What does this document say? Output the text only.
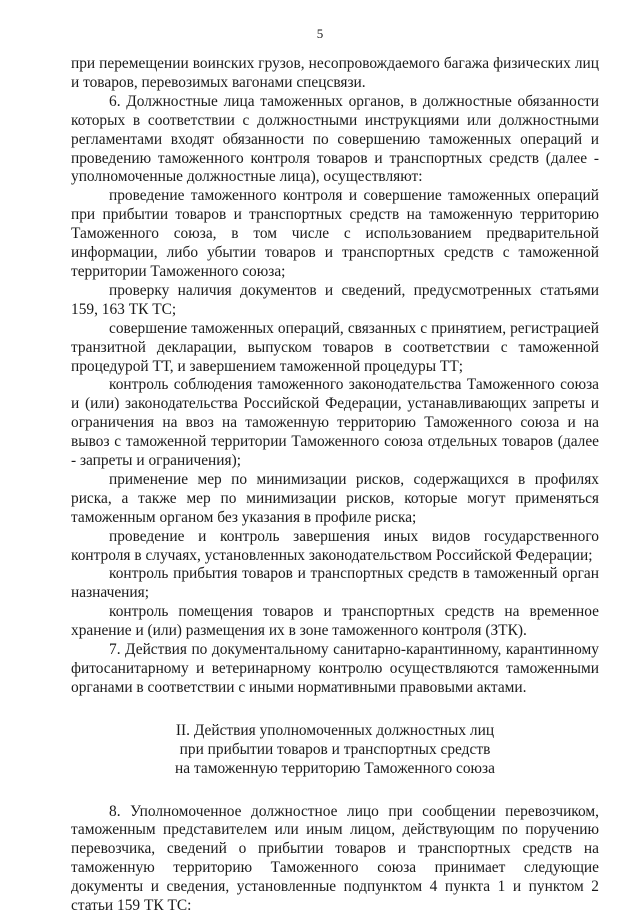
5

при перемещении воинских грузов, несопровождаемого багажа физических лиц и товаров, перевозимых вагонами спецсвязи.

6. Должностные лица таможенных органов, в должностные обязанности которых в соответствии с должностными инструкциями или должностными регламентами входят обязанности по совершению таможенных операций и проведению таможенного контроля товаров и транспортных средств (далее - уполномоченные должностные лица), осуществляют:

проведение таможенного контроля и совершение таможенных операций при прибытии товаров и транспортных средств на таможенную территорию Таможенного союза, в том числе с использованием предварительной информации, либо убытии товаров и транспортных средств с таможенной территории Таможенного союза;

проверку наличия документов и сведений, предусмотренных статьями 159, 163 ТК ТС;

совершение таможенных операций, связанных с принятием, регистрацией транзитной декларации, выпуском товаров в соответствии с таможенной процедурой ТТ, и завершением таможенной процедуры ТТ;

контроль соблюдения таможенного законодательства Таможенного союза и (или) законодательства Российской Федерации, устанавливающих запреты и ограничения на ввоз на таможенную территорию Таможенного союза и на вывоз с таможенной территории Таможенного союза отдельных товаров (далее - запреты и ограничения);

применение мер по минимизации рисков, содержащихся в профилях риска, а также мер по минимизации рисков, которые могут применяться таможенным органом без указания в профиле риска;

проведение и контроль завершения иных видов государственного контроля в случаях, установленных законодательством Российской Федерации;

контроль прибытия товаров и транспортных средств в таможенный орган назначения;

контроль помещения товаров и транспортных средств на временное хранение и (или) размещения их в зоне таможенного контроля (ЗТК).

7. Действия по документальному санитарно-карантинному, карантинному фитосанитарному и ветеринарному контролю осуществляются таможенными органами в соответствии с иными нормативными правовыми актами.

II. Действия уполномоченных должностных лиц
при прибытии товаров и транспортных средств
на таможенную территорию Таможенного союза

8. Уполномоченное должностное лицо при сообщении перевозчиком, таможенным представителем или иным лицом, действующим по поручению перевозчика, сведений о прибытии товаров и транспортных средств на таможенную территорию Таможенного союза принимает следующие документы и сведения, установленные подпунктом 4 пункта 1 и пунктом 2 статьи 159 ТК ТС:
